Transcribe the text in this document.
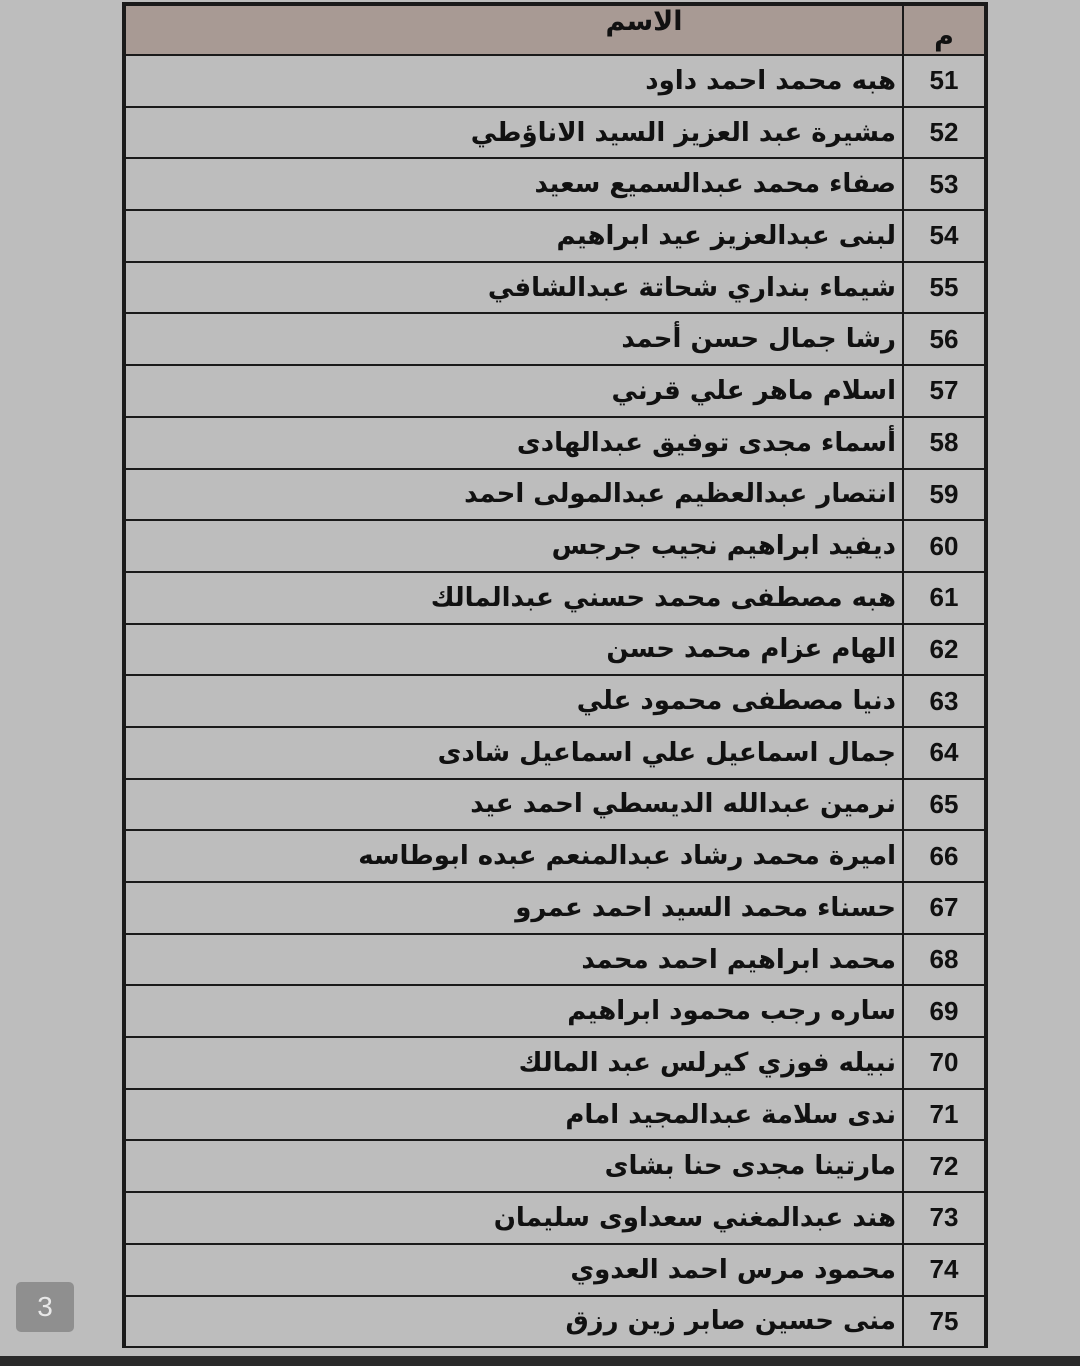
م	الاسم
51	هبه محمد احمد داود
52	مشيرة عبد العزيز السيد الاناؤطي
53	صفاء محمد عبدالسميع سعيد
54	لبنى عبدالعزيز عيد ابراهيم
55	شيماء بنداري شحاتة عبدالشافي
56	رشا جمال حسن أحمد
57	اسلام ماهر علي قرني
58	أسماء مجدى توفيق عبدالهادى
59	انتصار عبدالعظيم عبدالمولى احمد
60	ديفيد ابراهيم نجيب جرجس
61	هبه مصطفى محمد حسني عبدالمالك
62	الهام عزام محمد حسن
63	دنيا مصطفى محمود علي
64	جمال اسماعيل علي اسماعيل شادى
65	نرمين عبدالله الديسطي احمد عيد
66	اميرة محمد رشاد عبدالمنعم عبده ابوطاسه
67	حسناء محمد السيد احمد عمرو
68	محمد ابراهيم احمد محمد
69	ساره رجب محمود ابراهيم
70	نبيله فوزي كيرلس عبد المالك
71	ندى سلامة عبدالمجيد امام
72	مارتينا مجدى حنا بشاى
73	هند عبدالمغني سعداوى سليمان
74	محمود مرس احمد العدوي
75	منى حسين صابر زين رزق
3
